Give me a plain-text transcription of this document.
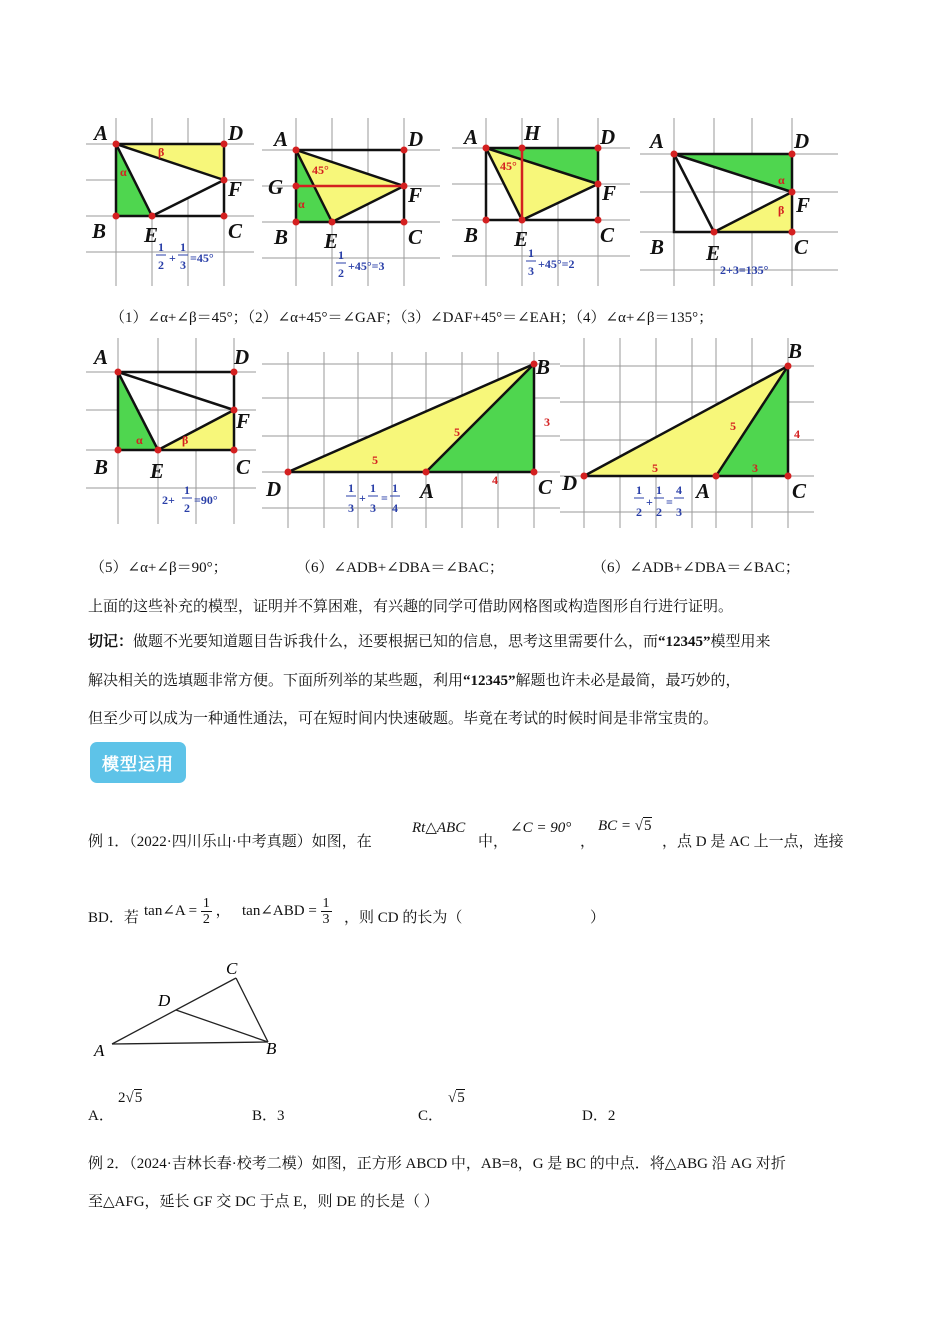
A	D
B E	C
F
α
β
1
2 +
1
3 =45°
A	D
G	F
B E	C
45°
α
1
2 +45°=3
A H	D
F
B E	C
45°
1
3 +45°=2
A	D
F
B E	C
α
β
2+3=135°
（1）∠α+∠β＝45°；（2）∠α+45°＝∠GAF；（3）∠DAF+45°＝∠EAH；（4）∠α+∠β＝135°；
A	D
F
B E	C
α	β
2+
1
2
=90°
B
D	A	C
3
5
5
4
1
3
+
1
3
=
1
4
B
D	A	C
4
5
5
3
1
2
+
1
2
=
4
3
（5）∠α+∠β＝90°；	（6）∠ADB+∠DBA＝∠BAC；	（6）∠ADB+∠DBA＝∠BAC；
上面的这些补充的模型，证明并不算困难，有兴趣的同学可借助网格图或构造图形自行进行证明。
切记：做题不光要知道题目告诉我什么，还要根据已知的信息，思考这里需要什么，而“12345”模型用来
解决相关的选填题非常方便。下面所列举的某些题，利用“12345”解题也许未必是最简，最巧妙的，
但至少可以成为一种通性通法，可在短时间内快速破题。毕竟在考试的时候时间是非常宝贵的。
模型运用
例 1．（2022·四川乐山·中考真题）如图，在
Rt△ABC
中，
∠C = 90°
，
BC = √5
，点 D 是 AC 上一点，连接
BD．若 tan∠A = $\frac{1}{2}$ ， tan∠ABD = $\frac{1}{3}$ ，则 CD 的长为（	）
C
D
A	B
A．
2√5
B．3	C．
√5
D．2
例 2．（2024·吉林长春·校考二模）如图，正方形 ABCD 中，AB=8，G 是 BC 的中点．将△ABG 沿 AG 对折
至△AFG，延长 GF 交 DC 于点 E，则 DE 的长是（ ）
